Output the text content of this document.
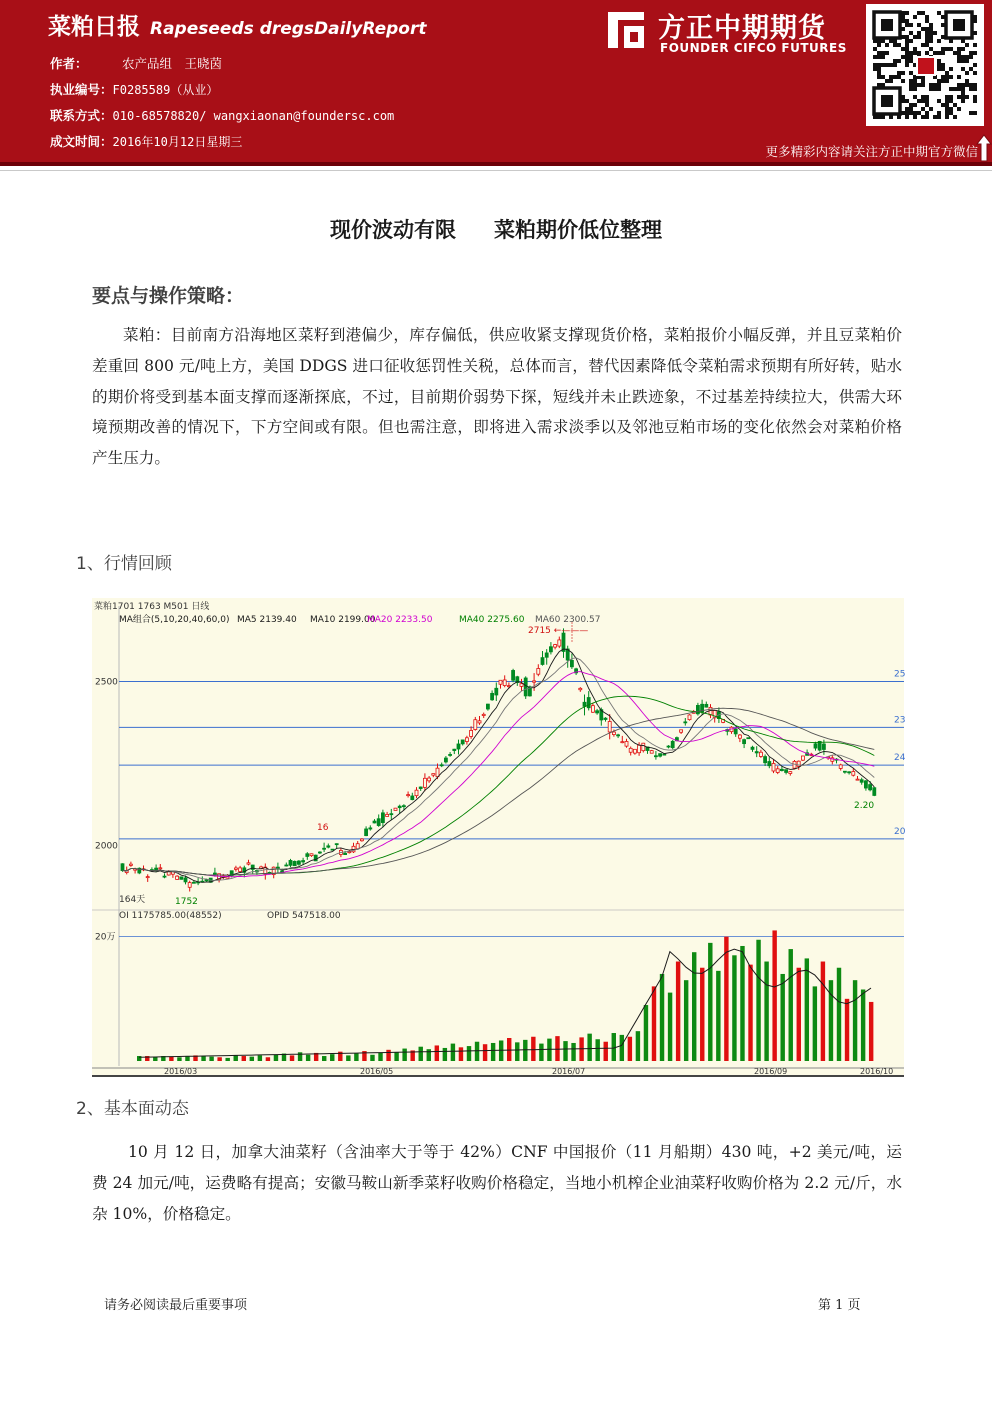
菜粕日报 Rapeseeds dregsDailyReport
作者：	农产品组　王晓茵
执业编号：F0285589（从业）
联系方式：010-68578820/ wangxiaonan@foundersc.com
成文时间：2016年10月12日星期三
方正中期期货
FOUNDER CIFCO FUTURES
更多精彩内容请关注方正中期官方微信
现价波动有限 菜粕期价低位整理
要点与操作策略：
菜粕：目前南方沿海地区菜籽到港偏少，库存偏低，供应收紧支撑现货价格，菜粕报价小幅反弹，并且豆菜粕价差重回 800 元/吨上方，美国 DDGS 进口征收惩罚性关税，总体而言，替代因素降低令菜粕需求预期有所好转，贴水的期价将受到基本面支撑而逐渐探底，不过，目前期价弱势下探，短线并未止跌迹象，不过基差持续拉大，供需大环境预期改善的情况下，下方空间或有限。但也需注意，即将进入需求淡季以及邻池豆粕市场的变化依然会对菜粕价格产生压力。
1、行情回顾
菜粕1701 1763 M501 日线
MA组合(5,10,20,40,60,0) MA5 2139.40 MA10 2199.00
MA20 2233.50	MA40 2275.60 MA60 2300.57
25
23
24
20
2500
2000
2715 ←———
2.20
164天	1752
16
OI 1175785.00(48552)	OPID 547518.00
20万
2016/03	2016/05	2016/07	2016/09	2016/10
2、基本面动态
10 月 12 日，加拿大油菜籽（含油率大于等于 42%）CNF 中国报价（11 月船期）430 吨，+2 美元/吨，运费 24 加元/吨，运费略有提高；安徽马鞍山新季菜籽收购价格稳定，当地小机榨企业油菜籽收购价格为 2.2 元/斤，水杂 10%，价格稳定。
请务必阅读最后重要事项	第 1 页
